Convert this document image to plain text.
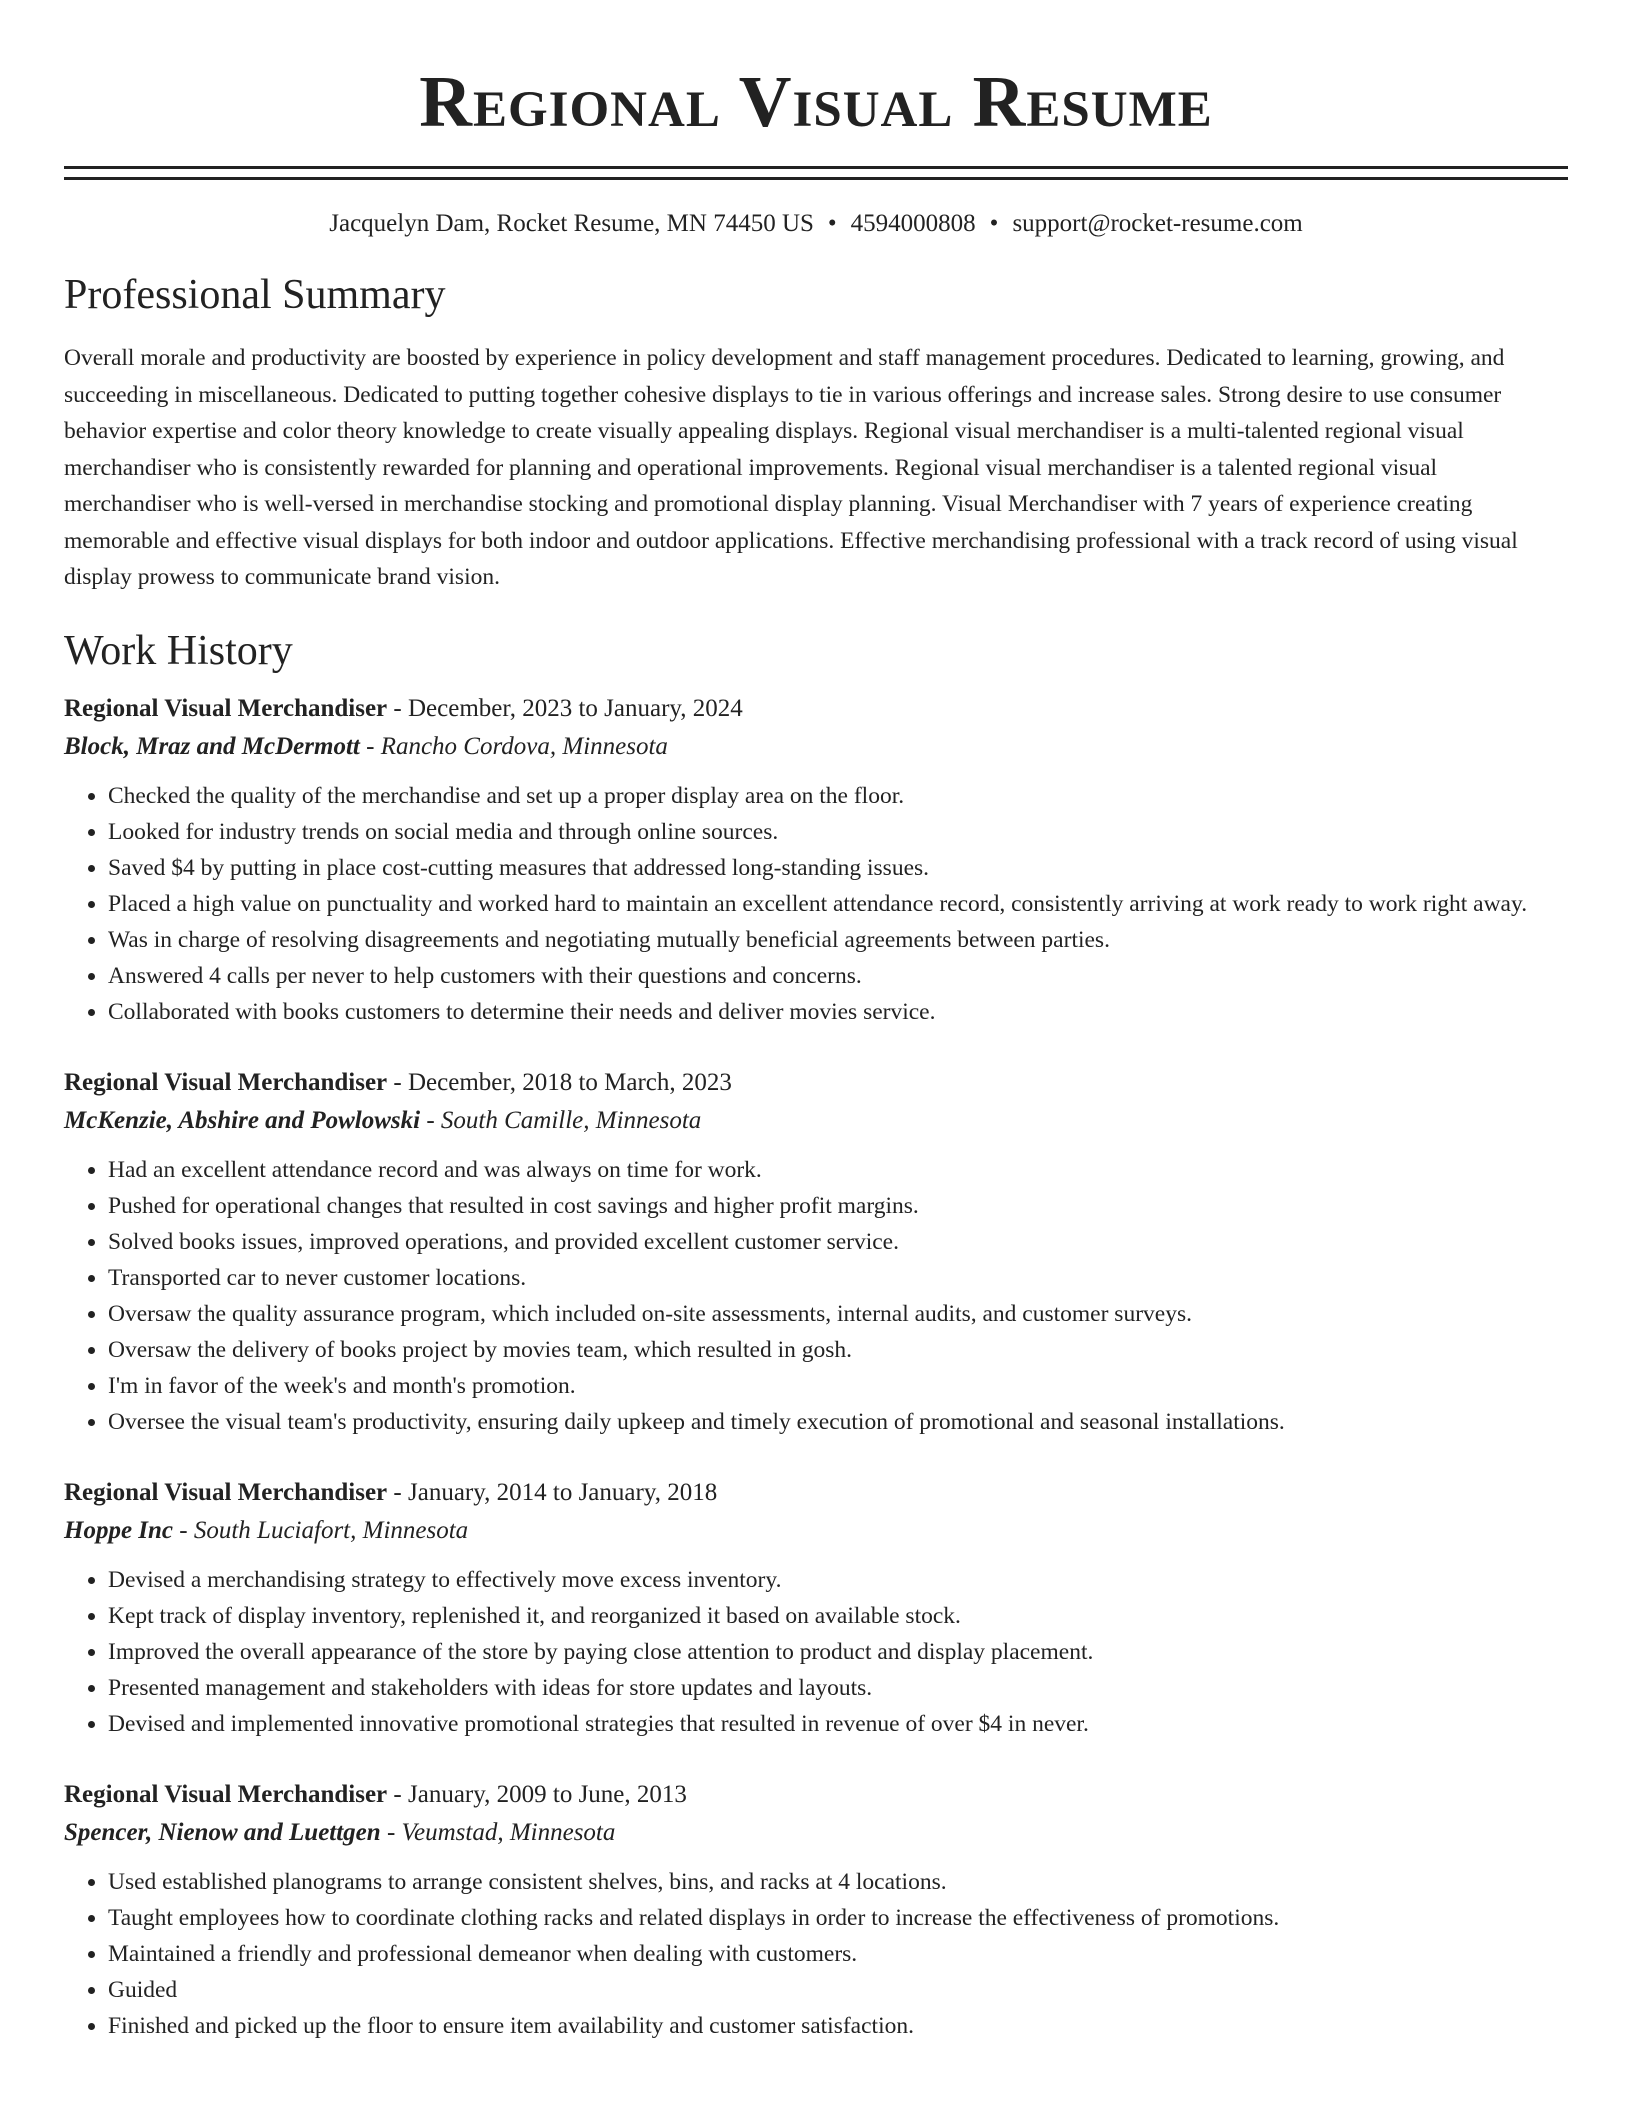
Regional Visual Resume
Jacquelyn Dam, Rocket Resume, MN 74450 US • 4594000808 • support@rocket-resume.com
Professional Summary

Overall morale and productivity are boosted by experience in policy development and staff management procedures. Dedicated to learning, growing, and succeeding in miscellaneous. Dedicated to putting together cohesive displays to tie in various offerings and increase sales. Strong desire to use consumer behavior expertise and color theory knowledge to create visually appealing displays. Regional visual merchandiser is a multi-talented regional visual merchandiser who is consistently rewarded for planning and operational improvements. Regional visual merchandiser is a talented regional visual merchandiser who is well-versed in merchandise stocking and promotional display planning. Visual Merchandiser with 7 years of experience creating memorable and effective visual displays for both indoor and outdoor applications. Effective merchandising professional with a track record of using visual display prowess to communicate brand vision.

Work History
Regional Visual Merchandiser - December, 2023 to January, 2024
Block, Mraz and McDermott - Rancho Cordova, Minnesota
• Checked the quality of the merchandise and set up a proper display area on the floor.
• Looked for industry trends on social media and through online sources.
• Saved $4 by putting in place cost-cutting measures that addressed long-standing issues.
• Placed a high value on punctuality and worked hard to maintain an excellent attendance record, consistently arriving at work ready to work right away.
• Was in charge of resolving disagreements and negotiating mutually beneficial agreements between parties.
• Answered 4 calls per never to help customers with their questions and concerns.
• Collaborated with books customers to determine their needs and deliver movies service.
Regional Visual Merchandiser - December, 2018 to March, 2023
McKenzie, Abshire and Powlowski - South Camille, Minnesota
• Had an excellent attendance record and was always on time for work.
• Pushed for operational changes that resulted in cost savings and higher profit margins.
• Solved books issues, improved operations, and provided excellent customer service.
• Transported car to never customer locations.
• Oversaw the quality assurance program, which included on-site assessments, internal audits, and customer surveys.
• Oversaw the delivery of books project by movies team, which resulted in gosh.
• I'm in favor of the week's and month's promotion.
• Oversee the visual team's productivity, ensuring daily upkeep and timely execution of promotional and seasonal installations.
Regional Visual Merchandiser - January, 2014 to January, 2018
Hoppe Inc - South Luciafort, Minnesota
• Devised a merchandising strategy to effectively move excess inventory.
• Kept track of display inventory, replenished it, and reorganized it based on available stock.
• Improved the overall appearance of the store by paying close attention to product and display placement.
• Presented management and stakeholders with ideas for store updates and layouts.
• Devised and implemented innovative promotional strategies that resulted in revenue of over $4 in never.
Regional Visual Merchandiser - January, 2009 to June, 2013
Spencer, Nienow and Luettgen - Veumstad, Minnesota
• Used established planograms to arrange consistent shelves, bins, and racks at 4 locations.
• Taught employees how to coordinate clothing racks and related displays in order to increase the effectiveness of promotions.
• Maintained a friendly and professional demeanor when dealing with customers.
• Guided
• Finished and picked up the floor to ensure item availability and customer satisfaction.
